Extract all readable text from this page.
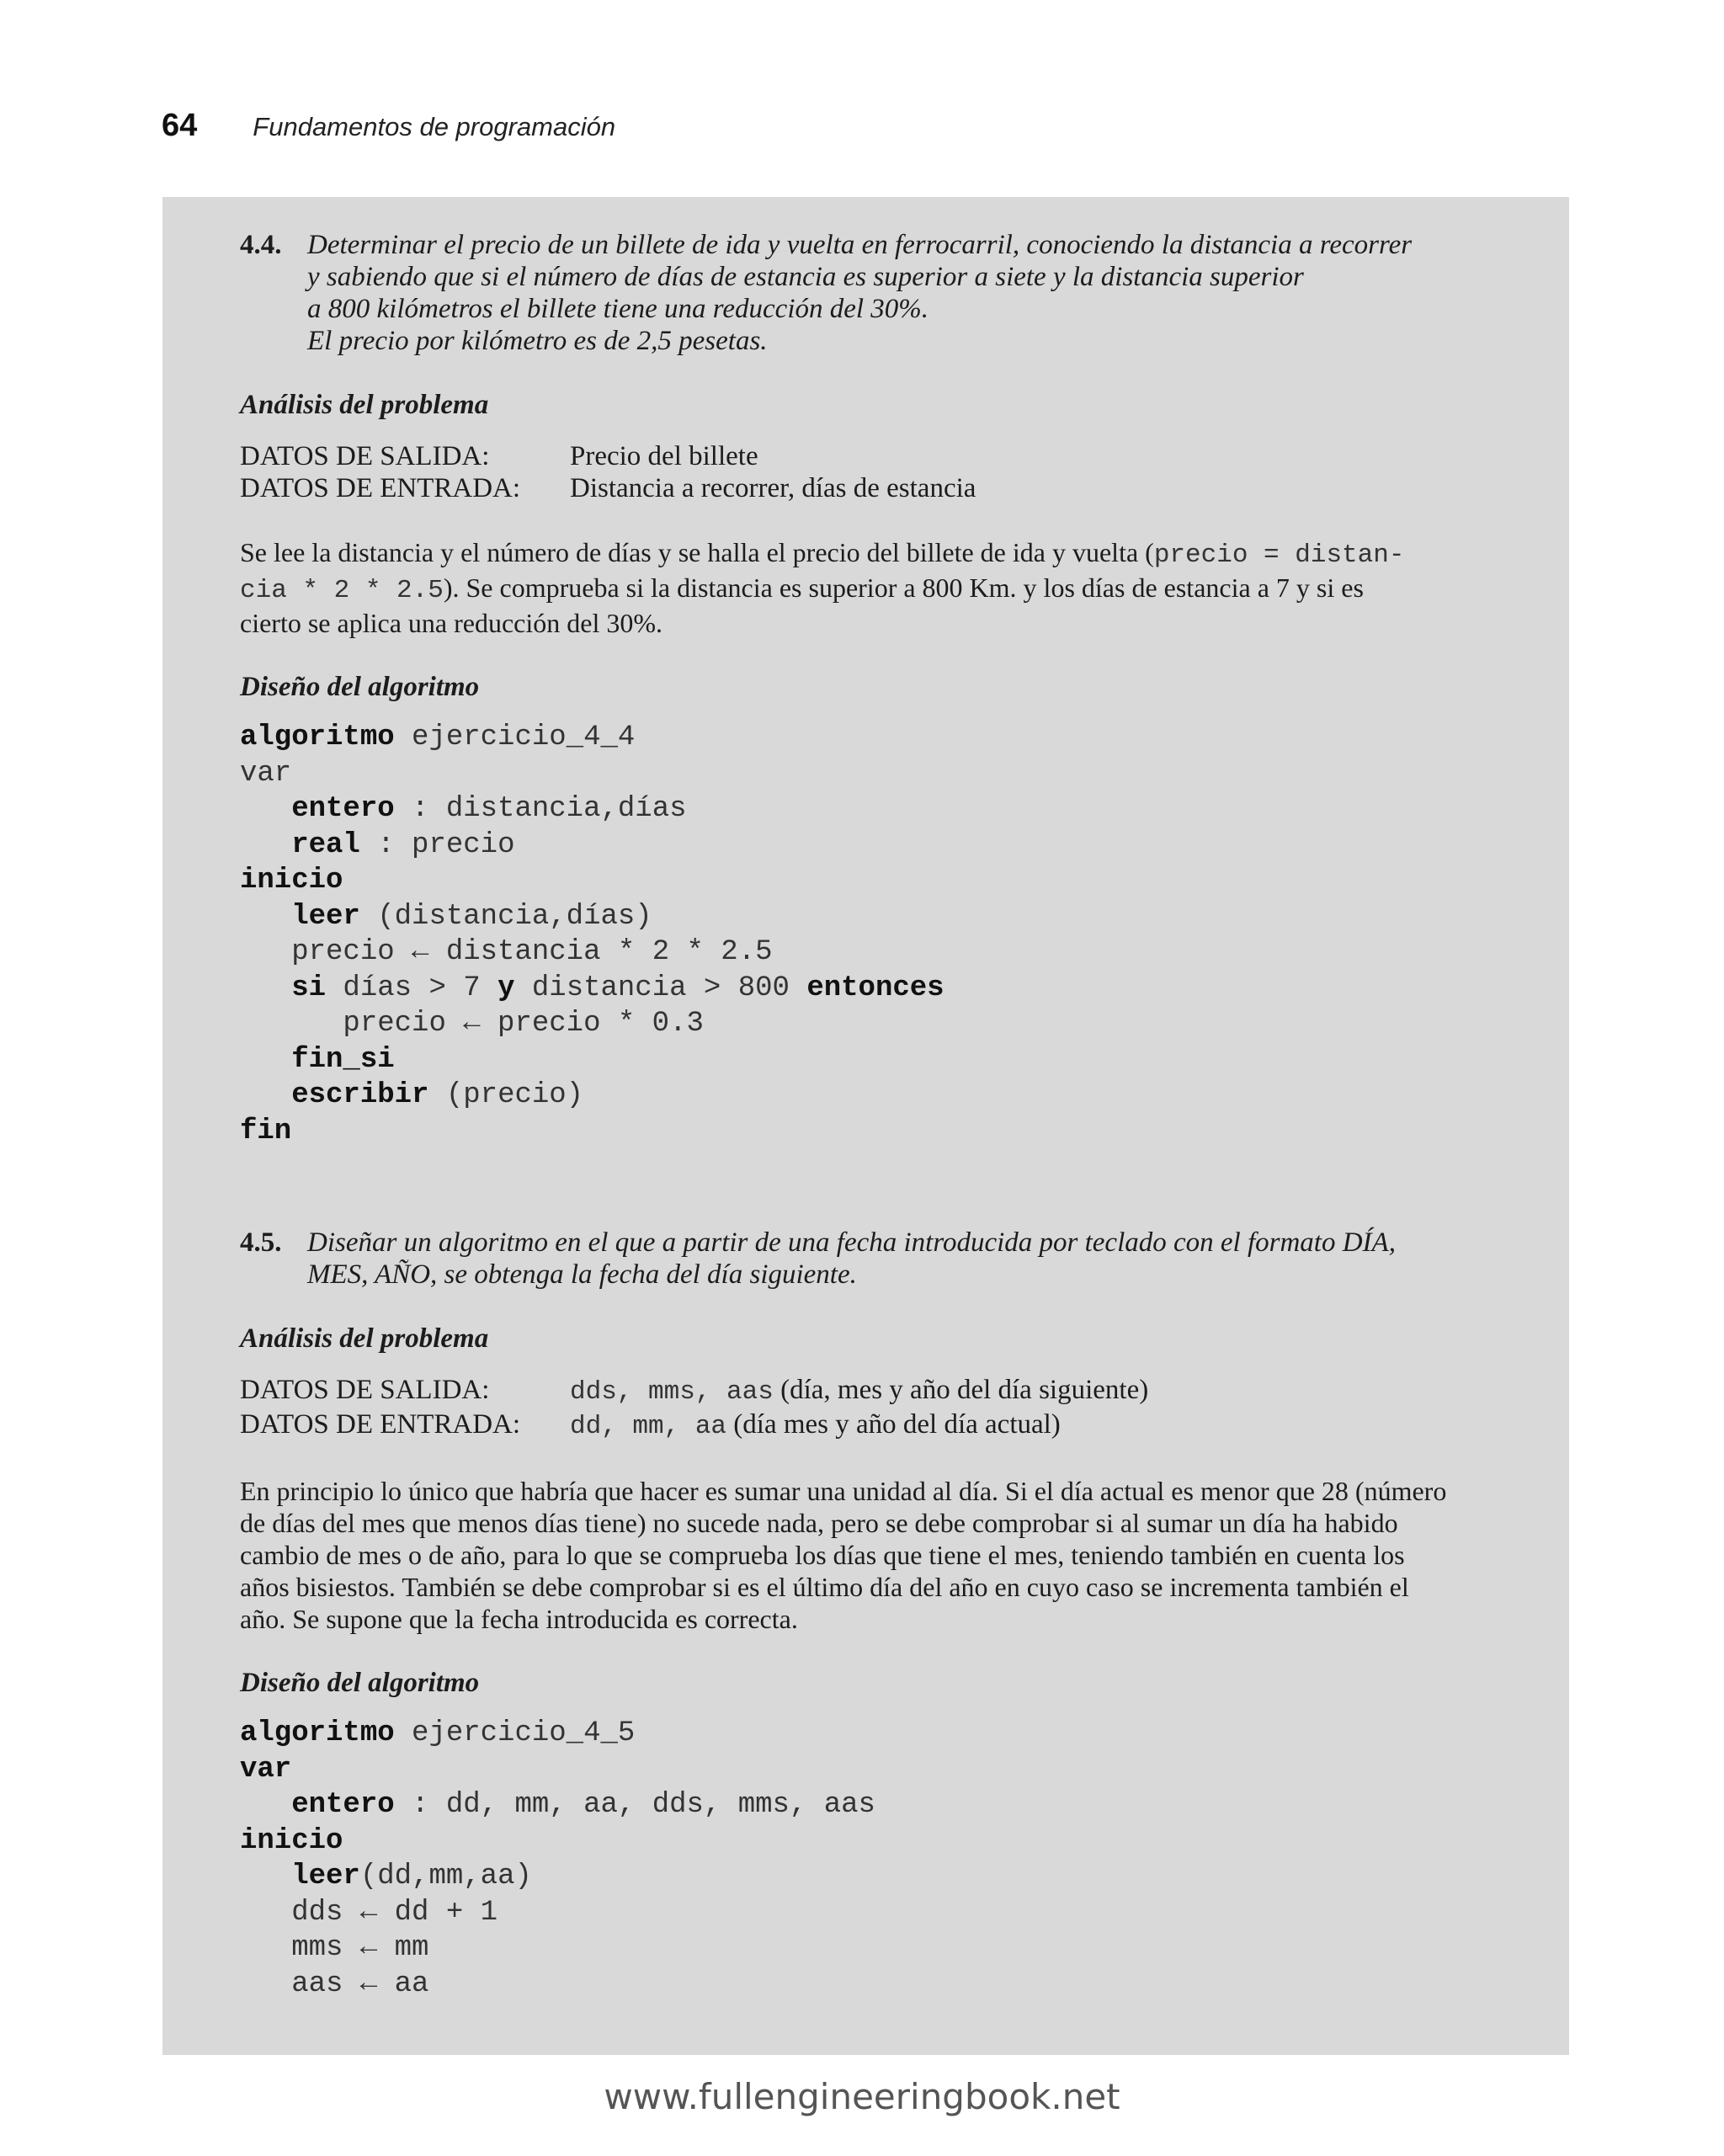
64 Fundamentos de programación
4.4. Determinar el precio de un billete de ida y vuelta en ferrocarril, conociendo la distancia a recorrer
y sabiendo que si el número de días de estancia es superior a siete y la distancia superior
a 800 kilómetros el billete tiene una reducción del 30%.
El precio por kilómetro es de 2,5 pesetas.
Análisis del problema
DATOS DE SALIDA:	Precio del billete
DATOS DE ENTRADA:	Distancia a recorrer, días de estancia
Se lee la distancia y el número de días y se halla el precio del billete de ida y vuelta (precio = distan-
cia * 2 * 2.5). Se comprueba si la distancia es superior a 800 Km. y los días de estancia a 7 y si es
cierto se aplica una reducción del 30%.
Diseño del algoritmo
algoritmo ejercicio_4_4
var
entero : distancia,días
real : precio
inicio
leer (distancia,días)
precio ← distancia * 2 * 2.5
si días > 7 y distancia > 800 entonces
precio ← precio * 0.3
fin_si
escribir (precio)
fin
4.5. Diseñar un algoritmo en el que a partir de una fecha introducida por teclado con el formato DÍA,
MES, AÑO, se obtenga la fecha del día siguiente.
Análisis del problema
DATOS DE SALIDA:	dds, mms, aas (día, mes y año del día siguiente)
DATOS DE ENTRADA:	dd, mm, aa (día mes y año del día actual)
En principio lo único que habría que hacer es sumar una unidad al día. Si el día actual es menor que 28 (número
de días del mes que menos días tiene) no sucede nada, pero se debe comprobar si al sumar un día ha habido
cambio de mes o de año, para lo que se comprueba los días que tiene el mes, teniendo también en cuenta los
años bisiestos. También se debe comprobar si es el último día del año en cuyo caso se incrementa también el
año. Se supone que la fecha introducida es correcta.
Diseño del algoritmo
algoritmo ejercicio_4_5
var
entero : dd, mm, aa, dds, mms, aas
inicio
leer(dd,mm,aa)
dds ← dd + 1
mms ← mm
aas ← aa
www.fullengineeringbook.net
